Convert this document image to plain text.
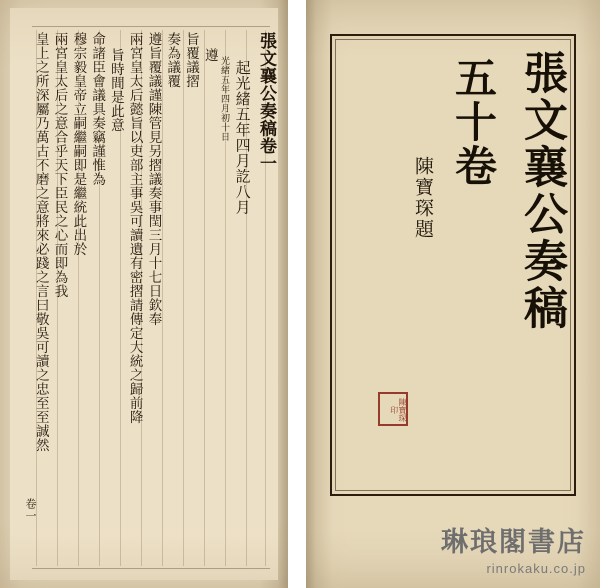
張文襄公奏稿卷一
起光緒五年四月訖八月
光緒五年四月初十日
遵
旨覆議摺
奏為議覆
遵旨覆議謹陳管見另摺議奏事閏三月十七日欽奉
兩宮皇太后懿旨以吏部主事吳可讀遺有密摺請傳定大統之歸前降
旨時間是此意
命諸臣會議具奏竊謹惟為
穆宗毅皇帝立嗣繼嗣即是繼統此出於
兩宮皇太后之意合乎天下臣民之心而即為我
皇上之所深屬乃萬古不磨之意將來必踐之言曰敬吳可讀之忠至至誠然
卷一
張文襄公奏稿
五十卷
陳寶琛題
陳寶琛印
琳琅閣書店
rinrokaku.co.jp
